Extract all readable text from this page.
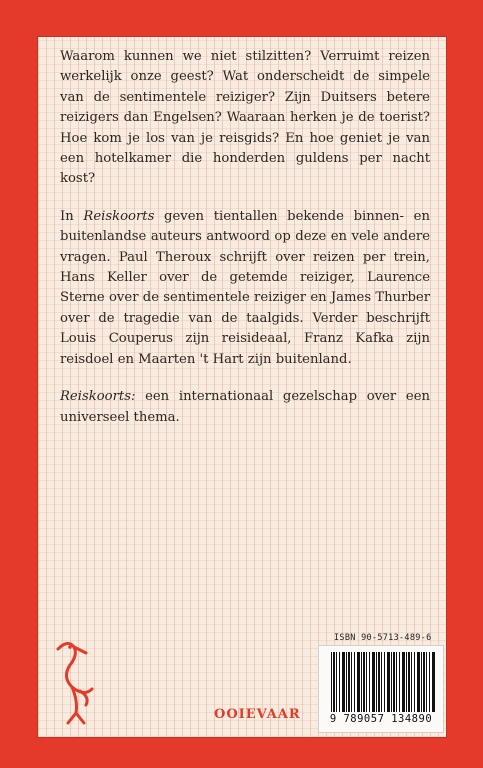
Waarom kunnen we niet stilzitten? Verruimt reizen werkelijk onze geest? Wat onderscheidt de simpele van de sentimentele reiziger? Zijn Duitsers betere reizigers dan Engelsen? Waaraan herken je de toerist? Hoe kom je los van je reisgids? En hoe geniet je van een hotelkamer die honderden guldens per nacht kost?

In Reiskoorts geven tientallen bekende binnen- en buitenlandse auteurs antwoord op deze en vele andere vragen. Paul Theroux schrijft over reizen per trein, Hans Keller over de getemde reiziger, Laurence Sterne over de sentimentele reiziger en James Thurber over de tragedie van de taalgids. Verder beschrijft Louis Couperus zijn reisideaal, Franz Kafka zijn reisdoel en Maarten 't Hart zijn buitenland.

Reiskoorts: een internationaal gezelschap over een universeel thema.

OOIEVAAR
ISBN 90-5713-489-6
9 789057 134890
